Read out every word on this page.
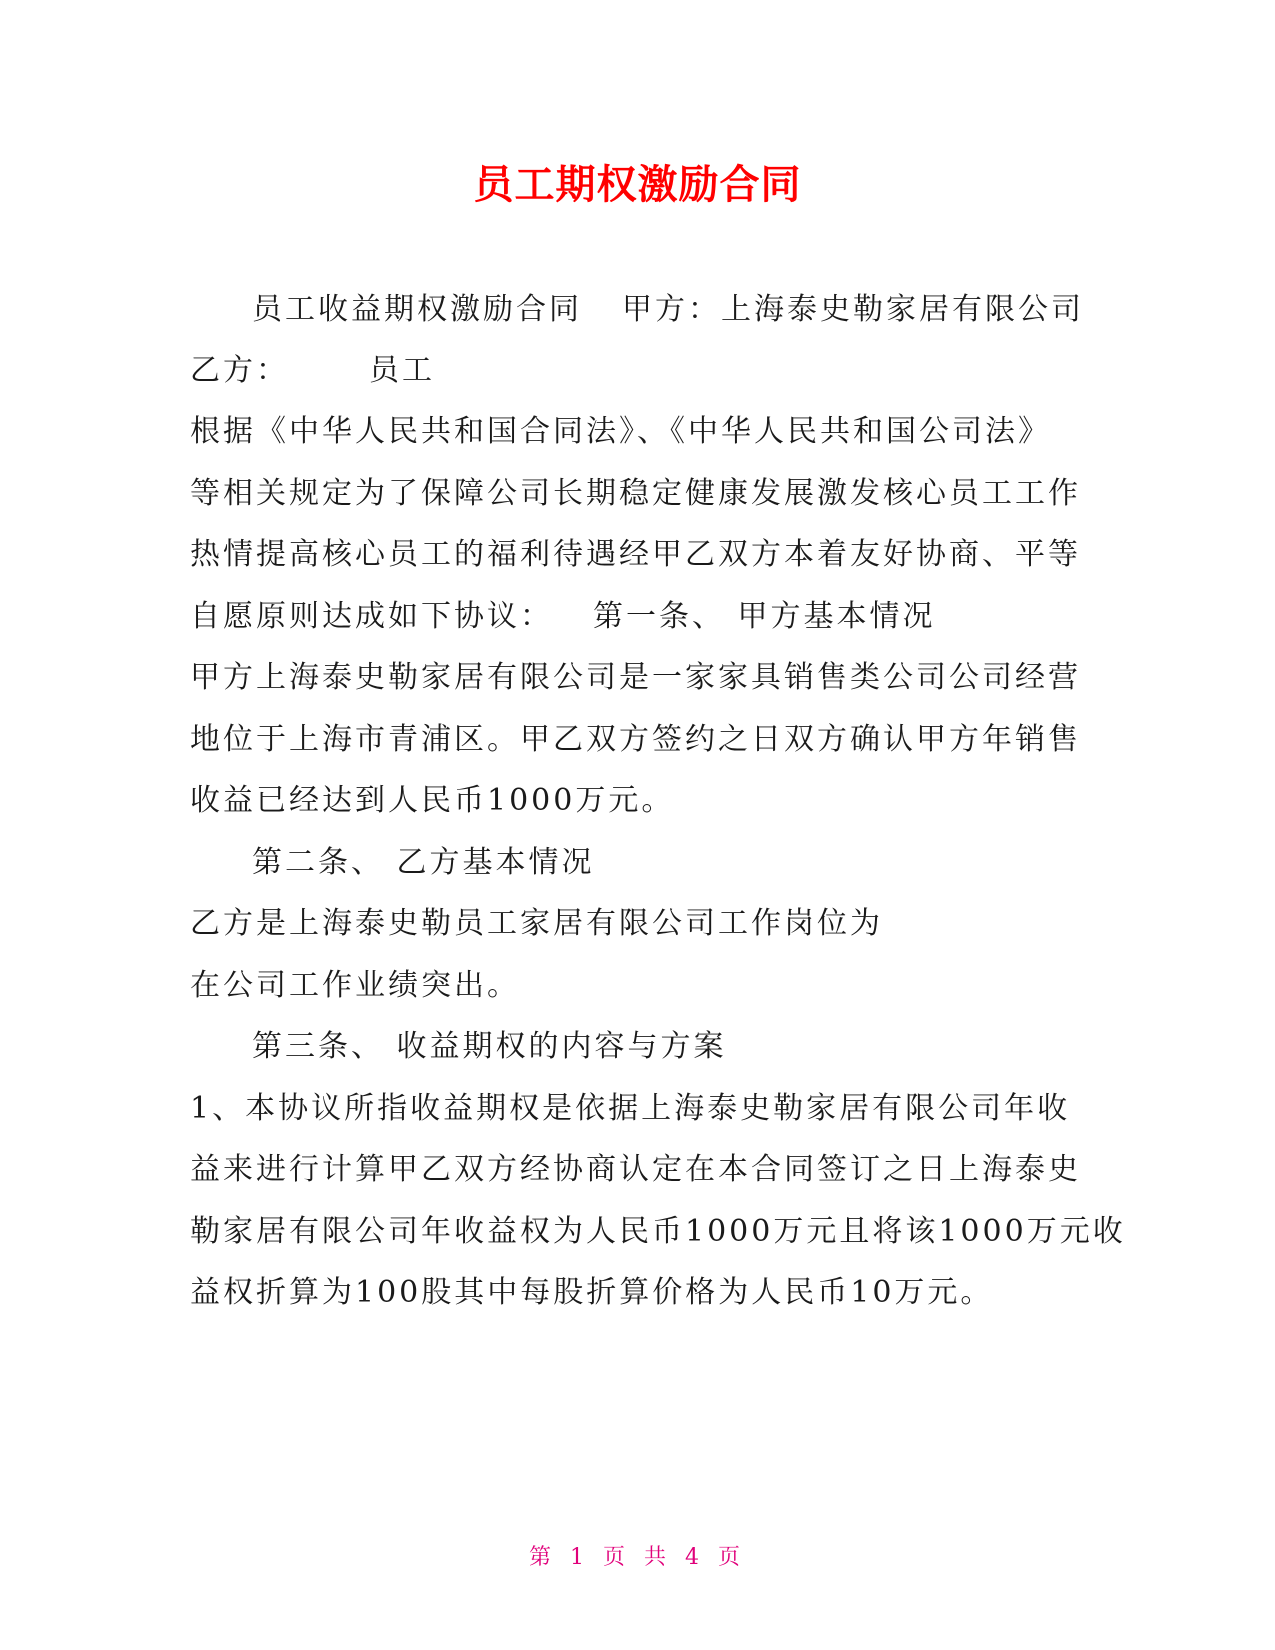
员工期权激励合同
员工收益期权激励合同 甲方：上海泰史勒家居有限公司
乙方：	员工
根据《中华人民共和国合同法》、《中华人民共和国公司法》
等相关规定为了保障公司长期稳定健康发展激发核心员工工作
热情提高核心员工的福利待遇经甲乙双方本着友好协商、平等
自愿原则达成如下协议： 第一条、 甲方基本情况
甲方上海泰史勒家居有限公司是一家家具销售类公司公司经营
地位于上海市青浦区。甲乙双方签约之日双方确认甲方年销售
收益已经达到人民币1000万元。
第二条、 乙方基本情况
乙方是上海泰史勒员工家居有限公司工作岗位为
在公司工作业绩突出。
第三条、 收益期权的内容与方案
1、本协议所指收益期权是依据上海泰史勒家居有限公司年收
益来进行计算甲乙双方经协商认定在本合同签订之日上海泰史
勒家居有限公司年收益权为人民币1000万元且将该1000万元收
益权折算为100股其中每股折算价格为人民币10万元。
第 1 页 共 4 页
